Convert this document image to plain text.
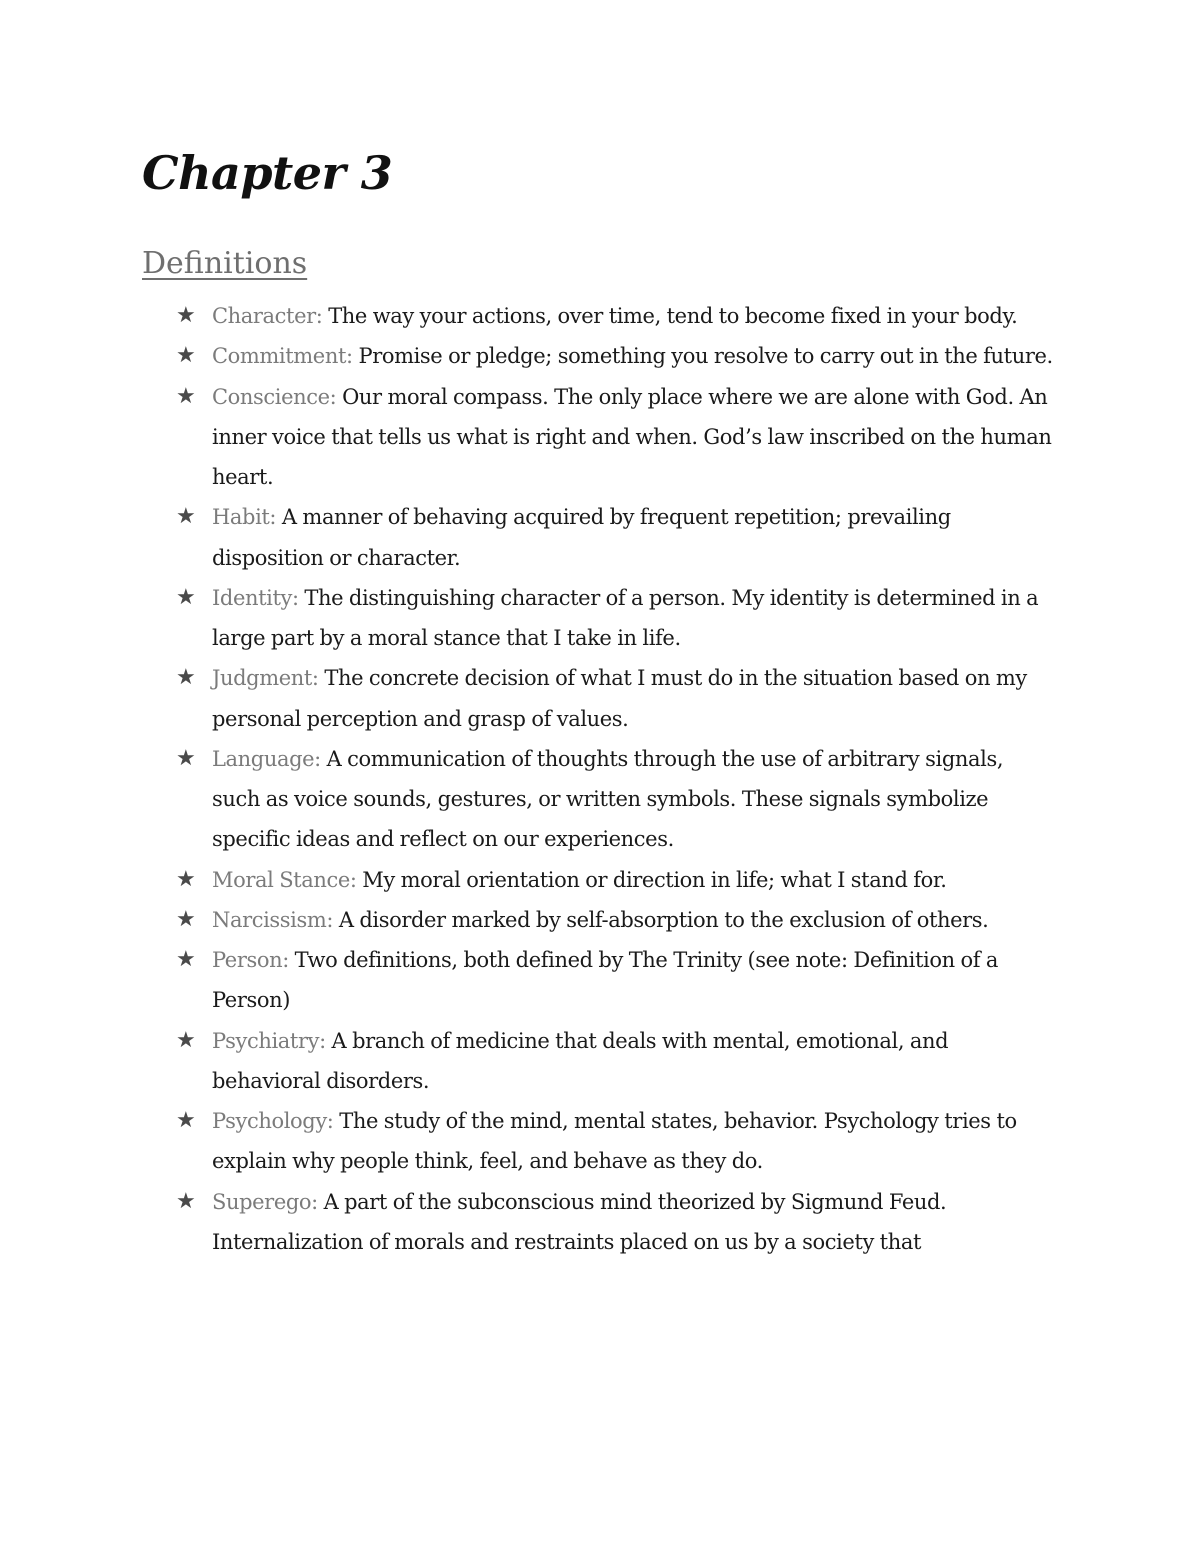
Chapter 3
Definitions
★ Character: The way your actions, over time, tend to become fixed in your body.
★ Commitment: Promise or pledge; something you resolve to carry out in the future.
★ Conscience: Our moral compass. The only place where we are alone with God. An inner voice that tells us what is right and when. God’s law inscribed on the human heart.
★ Habit: A manner of behaving acquired by frequent repetition; prevailing disposition or character.
★ Identity: The distinguishing character of a person. My identity is determined in a large part by a moral stance that I take in life.
★ Judgment: The concrete decision of what I must do in the situation based on my personal perception and grasp of values.
★ Language: A communication of thoughts through the use of arbitrary signals, such as voice sounds, gestures, or written symbols. These signals symbolize specific ideas and reflect on our experiences.
★ Moral Stance: My moral orientation or direction in life; what I stand for.
★ Narcissism: A disorder marked by self-absorption to the exclusion of others.
★ Person: Two definitions, both defined by The Trinity (see note: Definition of a Person)
★ Psychiatry: A branch of medicine that deals with mental, emotional, and behavioral disorders.
★ Psychology: The study of the mind, mental states, behavior. Psychology tries to explain why people think, feel, and behave as they do.
★ Superego: A part of the subconscious mind theorized by Sigmund Feud. Internalization of morals and restraints placed on us by a society that
